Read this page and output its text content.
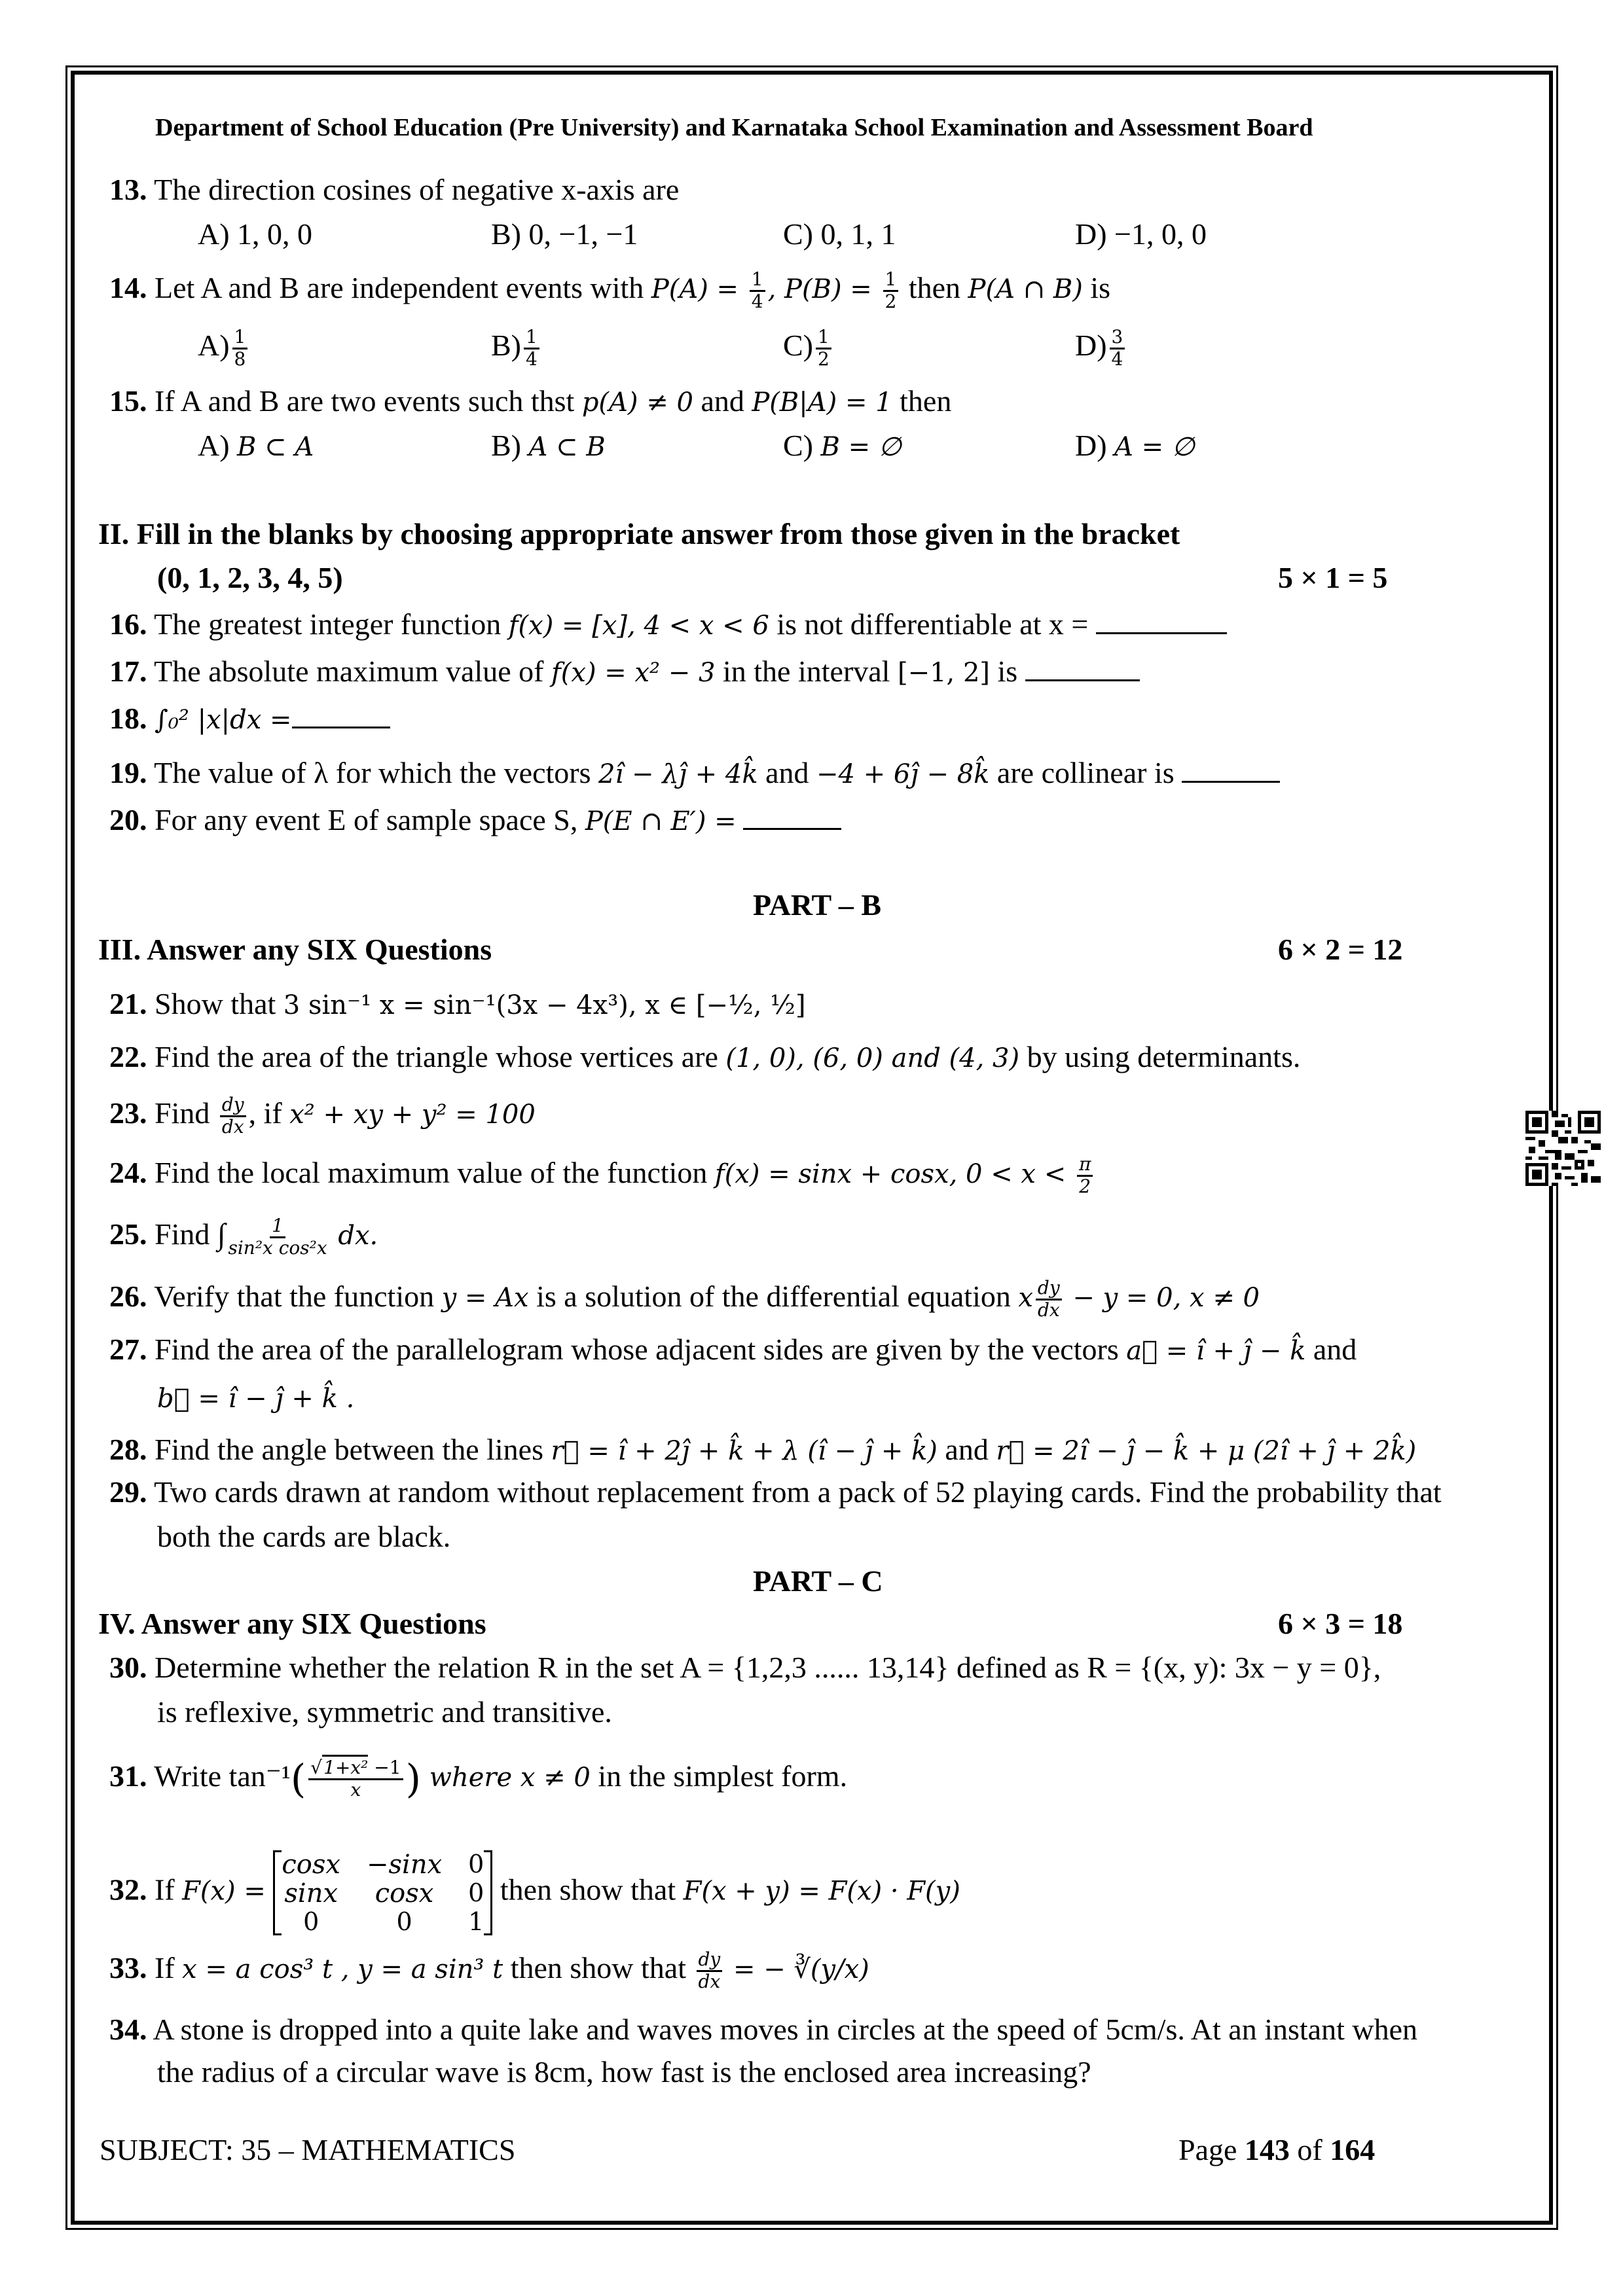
Department of School Education (Pre University) and Karnataka School Examination and Assessment Board
13. The direction cosines of negative x-axis are
A) 1, 0, 0	B) 0, −1, −1	C) 0, 1, 1	D) −1, 0, 0
14. Let A and B are independent events with $P(A) = \frac{1}{4}$ , $P(B) = \frac{1}{2}$ then P(A ∩ B) is
$A) \frac{1}{8}$	$B) \frac{1}{4}$	$C) \frac{1}{2}$	$D) \frac{3}{4}$
15. If A and B are two events such thst p(A) ≠ 0 and P(B|A) = 1 then
A) B ⊂ A	B) A ⊂ B	C) B = ∅	D) A = ∅
II. Fill in the blanks by choosing appropriate answer from those given in the bracket
(0, 1, 2, 3, 4, 5)	5 × 1 = 5
16. The greatest integer function f(x) = [x], 4 < x < 6 is not differentiable at x =
17. The absolute maximum value of f(x) = x² − 3 in the interval [−1, 2] is
18. ∫₀² |x|dx =
19. The value of λ for which the vectors 2î − λĵ + 4k̂ and −4 + 6ĵ − 8k̂ are collinear is
20. For any event E of sample space S, P(E ∩ E′) =
PART – B
III. Answer any SIX Questions	6 × 2 = 12
21. Show that 3 sin⁻¹ x = sin⁻¹(3x − 4x³), x ∈ [−½, ½]
22. Find the area of the triangle whose vertices are (1, 0), (6, 0) and (4, 3) by using determinants.
23. Find $\frac{dy}{dx}$ , if x² + xy + y² = 100
24. Find the local maximum value of the function f(x) = sinx + cosx, $0 < x < \frac{\pi}{2}$
25. Find ∫ $\frac{1}{\text{sin²x cos²x}}$ dx.
26. Verify that the function y = Ax is a solution of the differential equation x $\frac{dy}{dx} - y = 0$, x ≠ 0
27. Find the area of the parallelogram whose adjacent sides are given by the vectors a⃗ = î + ĵ − k̂ and
b⃗ = î − ĵ + k̂ .
28. Find the angle between the lines r⃗ = î + 2ĵ + k̂ + λ (î − ĵ + k̂) and r⃗ = 2î − ĵ − k̂ + μ (2î + ĵ + 2k̂)
29. Two cards drawn at random without replacement from a pack of 52 playing cards. Find the probability that
both the cards are black.
PART – C
IV. Answer any SIX Questions	6 × 3 = 18
30. Determine whether the relation R in the set A = {1,2,3 ...... 13,14} defined as R = {(x, y): 3x − y = 0},
is reflexive, symmetric and transitive.
31. Write $\tan^{-1}( \frac{\text{√1+x² −1}}{x}$ ) where x ≠ 0 in the simplest form.
32. If F(x) =
cosx −sinx 0
sinx	cosx	0
0	0	1
then show that F(x + y) = F(x) · F(y)
33. If x = a cos³ t , y = a sin³ t then show that $\frac{dy}{dx}$ = − ∛(y/x)
34. A stone is dropped into a quite lake and waves moves in circles at the speed of 5cm/s. At an instant when
the radius of a circular wave is 8cm, how fast is the enclosed area increasing?
SUBJECT: 35 – MATHEMATICS	Page 143 of 164
